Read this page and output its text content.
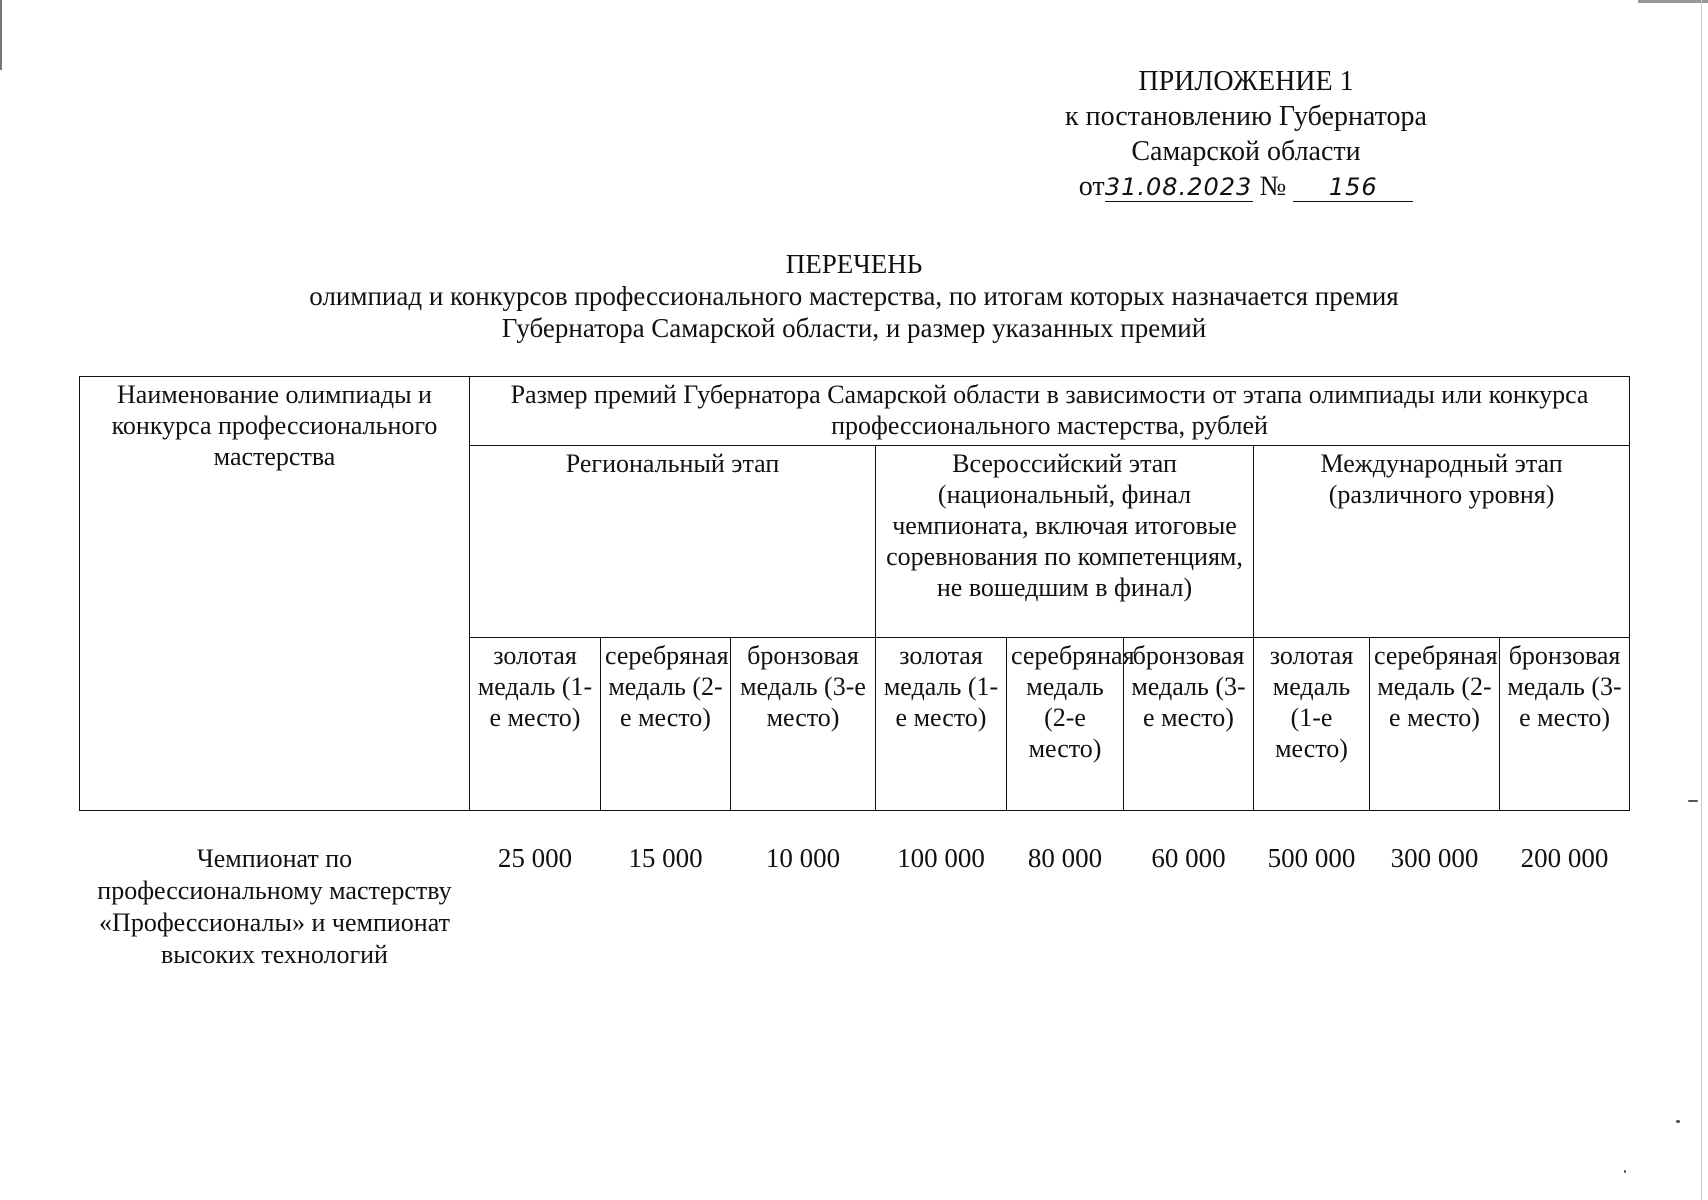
ПРИЛОЖЕНИЕ 1
к постановлению Губернатора
Самарской области
от31.08.2023 № 156
ПЕРЕЧЕНЬ
олимпиад и конкурсов профессионального мастерства, по итогам которых назначается премия
Губернатора Самарской области, и размер указанных премий
Наименование олимпиады и конкурса профессионального мастерства	Размер премий Губернатора Самарской области в зависимости от этапа олимпиады или конкурса профессионального мастерства, рублей								
	Региональный этап			Всероссийский этап (национальный, финал чемпионата, включая итоговые соревнования по компетенциям, не вошедшим в финал)			Международный этап (различного уровня)		
	золотая медаль (1-е место)	серебряная медаль (2-е место)	бронзовая медаль (3-е место)	золотая медаль (1-е место)	серебряная медаль (2-е место)	бронзовая медаль (3-е место)	золотая медаль (1-е место)	серебряная медаль (2-е место)	бронзовая медаль (3-е место)

Чемпионат по профессиональному мастерству «Профессионалы» и чемпионат высоких технологий	25 000	15 000	10 000	100 000	80 000	60 000	500 000	300 000	200 000
